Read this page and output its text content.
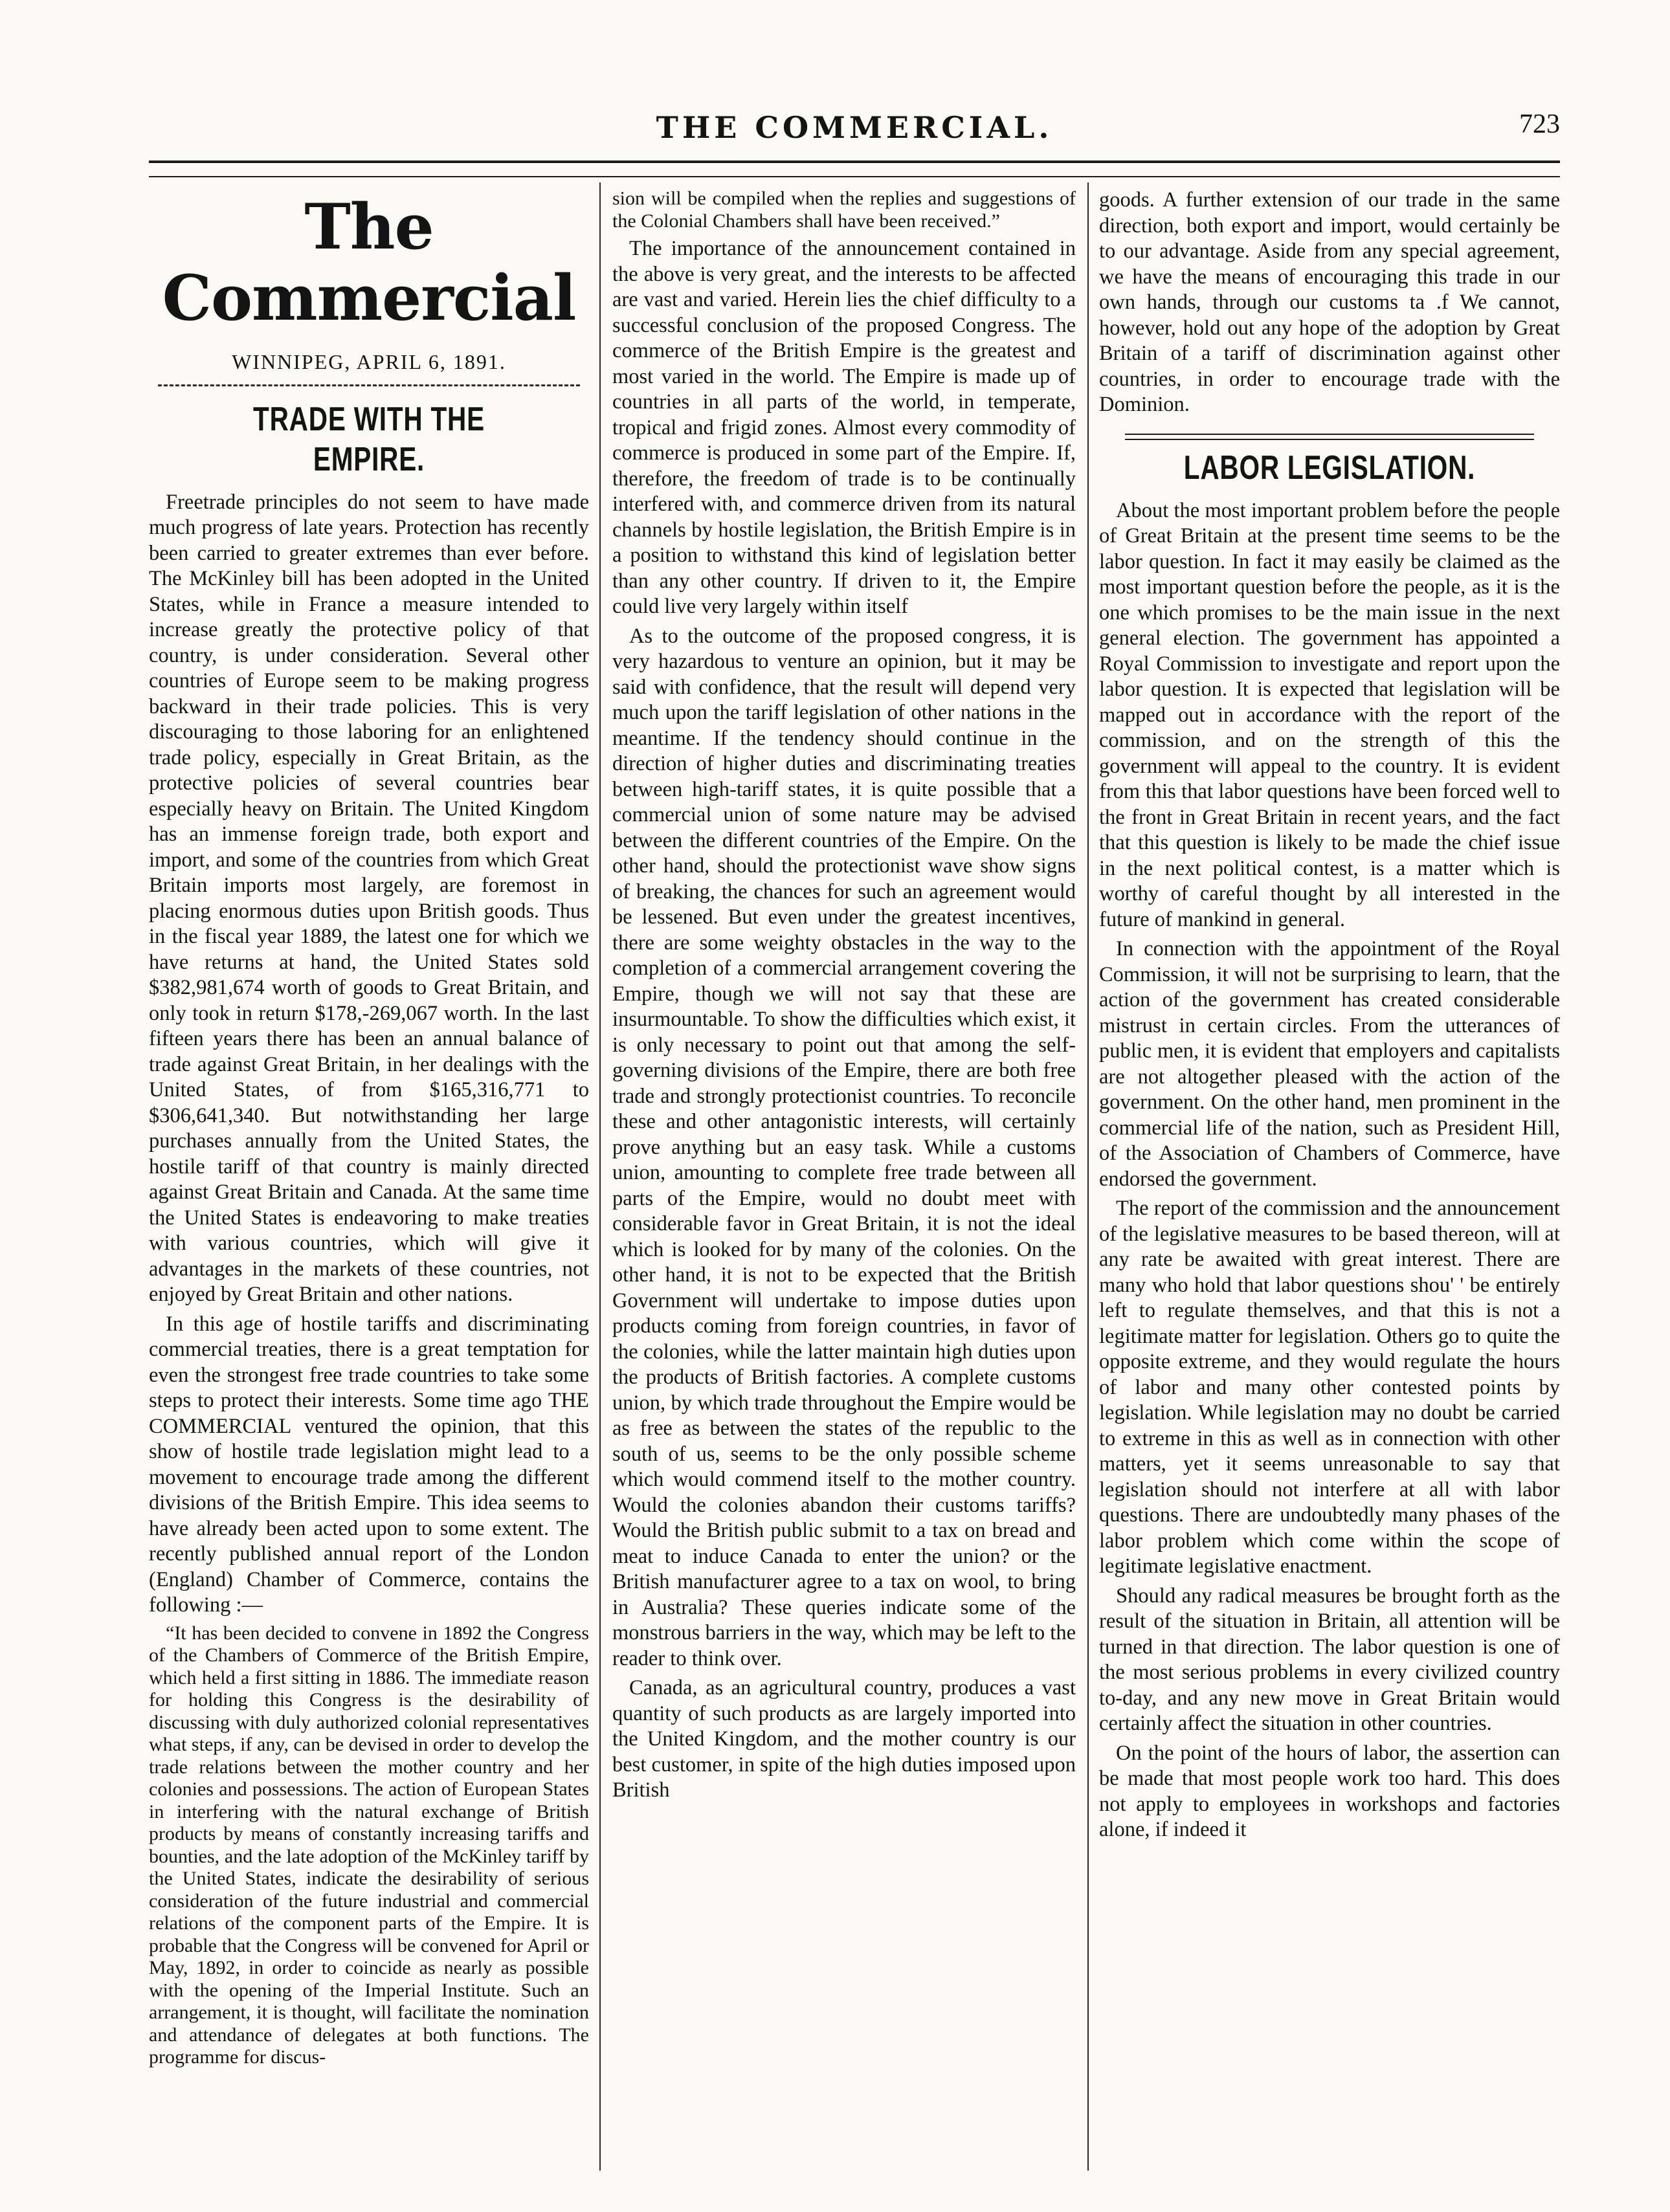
THE COMMERCIAL.	723
The Commercial
WINNIPEG, APRIL 6, 1891.
TRADE WITH THE EMPIRE.

Freetrade principles do not seem to have made much progress of late years. Protection has recently been carried to greater extremes than ever before. The McKinley bill has been adopted in the United States, while in France a measure intended to increase greatly the protective policy of that country, is under consideration. Several other countries of Europe seem to be making progress backward in their trade policies. This is very discouraging to those laboring for an enlightened trade policy, especially in Great Britain, as the protective policies of several countries bear especially heavy on Britain. The United Kingdom has an immense foreign trade, both export and import, and some of the countries from which Great Britain imports most largely, are foremost in placing enormous duties upon British goods. Thus in the fiscal year 1889, the latest one for which we have returns at hand, the United States sold $382,981,674 worth of goods to Great Britain, and only took in return $178,-269,067 worth. In the last fifteen years there has been an annual balance of trade against Great Britain, in her dealings with the United States, of from $165,316,771 to $306,641,340. But notwithstanding her large purchases annually from the United States, the hostile tariff of that country is mainly directed against Great Britain and Canada. At the same time the United States is endeavoring to make treaties with various countries, which will give it advantages in the markets of these countries, not enjoyed by Great Britain and other nations.

In this age of hostile tariffs and discriminating commercial treaties, there is a great temptation for even the strongest free trade countries to take some steps to protect their interests. Some time ago THE COMMERCIAL ventured the opinion, that this show of hostile trade legislation might lead to a movement to encourage trade among the different divisions of the British Empire. This idea seems to have already been acted upon to some extent. The recently published annual report of the London (England) Chamber of Commerce, contains the following :—

“It has been decided to convene in 1892 the Congress of the Chambers of Commerce of the British Empire, which held a first sitting in 1886. The immediate reason for holding this Congress is the desirability of discussing with duly authorized colonial representatives what steps, if any, can be devised in order to develop the trade relations between the mother country and her colonies and possessions. The action of European States in interfering with the natural exchange of British products by means of constantly increasing tariffs and bounties, and the late adoption of the McKinley tariff by the United States, indicate the desirability of serious consideration of the future industrial and commercial relations of the component parts of the Empire. It is probable that the Congress will be convened for April or May, 1892, in order to coincide as nearly as possible with the opening of the Imperial Institute. Such an arrangement, it is thought, will facilitate the nomination and attendance of delegates at both functions. The programme for discus-

sion will be compiled when the replies and suggestions of the Colonial Chambers shall have been received.”

The importance of the announcement contained in the above is very great, and the interests to be affected are vast and varied. Herein lies the chief difficulty to a successful conclusion of the proposed Congress. The commerce of the British Empire is the greatest and most varied in the world. The Empire is made up of countries in all parts of the world, in temperate, tropical and frigid zones. Almost every commodity of commerce is produced in some part of the Empire. If, therefore, the freedom of trade is to be continually interfered with, and commerce driven from its natural channels by hostile legislation, the British Empire is in a position to withstand this kind of legislation better than any other country. If driven to it, the Empire could live very largely within itself

As to the outcome of the proposed congress, it is very hazardous to venture an opinion, but it may be said with confidence, that the result will depend very much upon the tariff legislation of other nations in the meantime. If the tendency should continue in the direction of higher duties and discriminating treaties between high-tariff states, it is quite possible that a commercial union of some nature may be advised between the different countries of the Empire. On the other hand, should the protectionist wave show signs of breaking, the chances for such an agreement would be lessened. But even under the greatest incentives, there are some weighty obstacles in the way to the completion of a commercial arrangement covering the Empire, though we will not say that these are insurmountable. To show the difficulties which exist, it is only necessary to point out that among the self-governing divisions of the Empire, there are both free trade and strongly protectionist countries. To reconcile these and other antagonistic interests, will certainly prove anything but an easy task. While a customs union, amounting to complete free trade between all parts of the Empire, would no doubt meet with considerable favor in Great Britain, it is not the ideal which is looked for by many of the colonies. On the other hand, it is not to be expected that the British Government will undertake to impose duties upon products coming from foreign countries, in favor of the colonies, while the latter maintain high duties upon the products of British factories. A complete customs union, by which trade throughout the Empire would be as free as between the states of the republic to the south of us, seems to be the only possible scheme which would commend itself to the mother country. Would the colonies abandon their customs tariffs? Would the British public submit to a tax on bread and meat to induce Canada to enter the union? or the British manufacturer agree to a tax on wool, to bring in Australia? These queries indicate some of the monstrous barriers in the way, which may be left to the reader to think over.

Canada, as an agricultural country, produces a vast quantity of such products as are largely imported into the United Kingdom, and the mother country is our best customer, in spite of the high duties imposed upon British

goods. A further extension of our trade in the same direction, both export and import, would certainly be to our advantage. Aside from any special agreement, we have the means of encouraging this trade in our own hands, through our customs ta .f We cannot, however, hold out any hope of the adoption by Great Britain of a tariff of discrimination against other countries, in order to encourage trade with the Dominion.

LABOR LEGISLATION.

About the most important problem before the people of Great Britain at the present time seems to be the labor question. In fact it may easily be claimed as the most important question before the people, as it is the one which promises to be the main issue in the next general election. The government has appointed a Royal Commission to investigate and report upon the labor question. It is expected that legislation will be mapped out in accordance with the report of the commission, and on the strength of this the government will appeal to the country. It is evident from this that labor questions have been forced well to the front in Great Britain in recent years, and the fact that this question is likely to be made the chief issue in the next political contest, is a matter which is worthy of careful thought by all interested in the future of mankind in general.

In connection with the appointment of the Royal Commission, it will not be surprising to learn, that the action of the government has created considerable mistrust in certain circles. From the utterances of public men, it is evident that employers and capitalists are not altogether pleased with the action of the government. On the other hand, men prominent in the commercial life of the nation, such as President Hill, of the Association of Chambers of Commerce, have endorsed the government.

The report of the commission and the announcement of the legislative measures to be based thereon, will at any rate be awaited with great interest. There are many who hold that labor questions shou' ' be entirely left to regulate themselves, and that this is not a legitimate matter for legislation. Others go to quite the opposite extreme, and they would regulate the hours of labor and many other contested points by legislation. While legislation may no doubt be carried to extreme in this as well as in connection with other matters, yet it seems unreasonable to say that legislation should not interfere at all with labor questions. There are undoubtedly many phases of the labor problem which come within the scope of legitimate legislative enactment.

Should any radical measures be brought forth as the result of the situation in Britain, all attention will be turned in that direction. The labor question is one of the most serious problems in every civilized country to-day, and any new move in Great Britain would certainly affect the situation in other countries.

On the point of the hours of labor, the assertion can be made that most people work too hard. This does not apply to employees in workshops and factories alone, if indeed it
